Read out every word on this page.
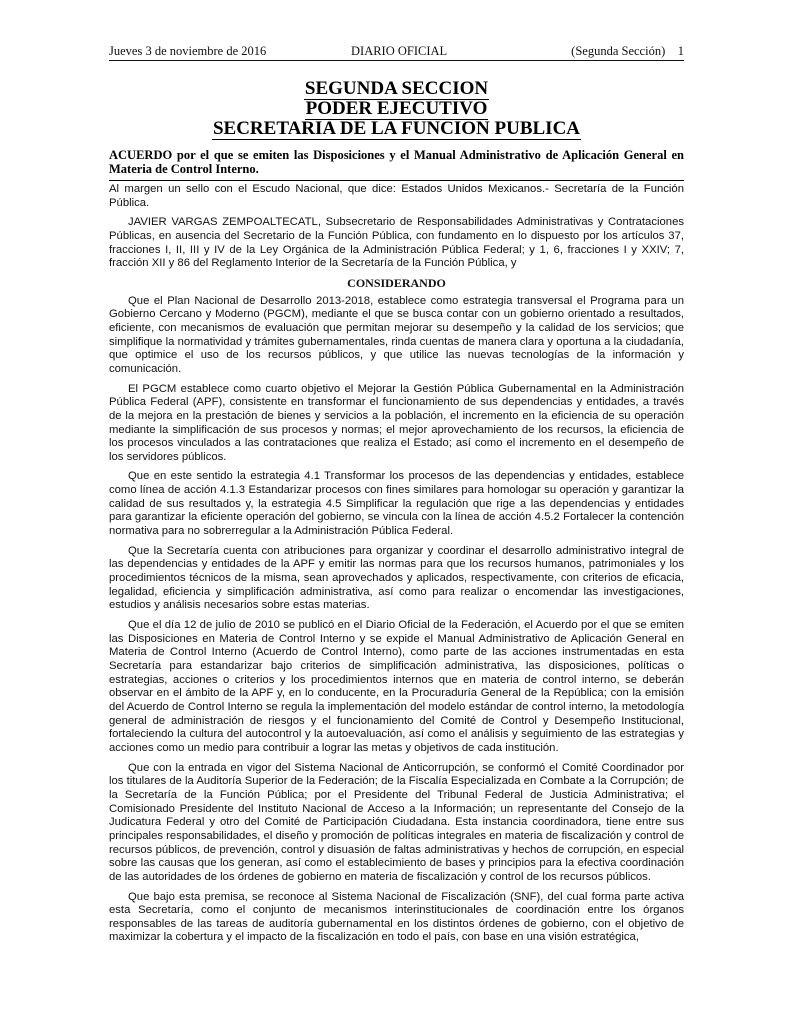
Jueves 3 de noviembre de 2016	DIARIO OFICIAL	(Segunda Sección) 1
SEGUNDA SECCION
PODER EJECUTIVO
SECRETARIA DE LA FUNCION PUBLICA
ACUERDO por el que se emiten las Disposiciones y el Manual Administrativo de Aplicación General en Materia de Control Interno.

Al margen un sello con el Escudo Nacional, que dice: Estados Unidos Mexicanos.- Secretaría de la Función Pública.

JAVIER VARGAS ZEMPOALTECATL, Subsecretario de Responsabilidades Administrativas y Contrataciones Públicas, en ausencia del Secretario de la Función Pública, con fundamento en lo dispuesto por los artículos 37, fracciones I, II, III y IV de la Ley Orgánica de la Administración Pública Federal; y 1, 6, fracciones I y XXIV; 7, fracción XII y 86 del Reglamento Interior de la Secretaría de la Función Pública, y

CONSIDERANDO

Que el Plan Nacional de Desarrollo 2013-2018, establece como estrategia transversal el Programa para un Gobierno Cercano y Moderno (PGCM), mediante el que se busca contar con un gobierno orientado a resultados, eficiente, con mecanismos de evaluación que permitan mejorar su desempeño y la calidad de los servicios; que simplifique la normatividad y trámites gubernamentales, rinda cuentas de manera clara y oportuna a la ciudadanía, que optimice el uso de los recursos públicos, y que utilice las nuevas tecnologías de la información y comunicación.

El PGCM establece como cuarto objetivo el Mejorar la Gestión Pública Gubernamental en la Administración Pública Federal (APF), consistente en transformar el funcionamiento de sus dependencias y entidades, a través de la mejora en la prestación de bienes y servicios a la población, el incremento en la eficiencia de su operación mediante la simplificación de sus procesos y normas; el mejor aprovechamiento de los recursos, la eficiencia de los procesos vinculados a las contrataciones que realiza el Estado; así como el incremento en el desempeño de los servidores públicos.

Que en este sentido la estrategia 4.1 Transformar los procesos de las dependencias y entidades, establece como línea de acción 4.1.3 Estandarizar procesos con fines similares para homologar su operación y garantizar la calidad de sus resultados y, la estrategia 4.5 Simplificar la regulación que rige a las dependencias y entidades para garantizar la eficiente operación del gobierno, se vincula con la línea de acción 4.5.2 Fortalecer la contención normativa para no sobrerregular a la Administración Pública Federal.

Que la Secretaría cuenta con atribuciones para organizar y coordinar el desarrollo administrativo integral de las dependencias y entidades de la APF y emitir las normas para que los recursos humanos, patrimoniales y los procedimientos técnicos de la misma, sean aprovechados y aplicados, respectivamente, con criterios de eficacia, legalidad, eficiencia y simplificación administrativa, así como para realizar o encomendar las investigaciones, estudios y análisis necesarios sobre estas materias.

Que el día 12 de julio de 2010 se publicó en el Diario Oficial de la Federación, el Acuerdo por el que se emiten las Disposiciones en Materia de Control Interno y se expide el Manual Administrativo de Aplicación General en Materia de Control Interno (Acuerdo de Control Interno), como parte de las acciones instrumentadas en esta Secretaría para estandarizar bajo criterios de simplificación administrativa, las disposiciones, políticas o estrategias, acciones o criterios y los procedimientos internos que en materia de control interno, se deberán observar en el ámbito de la APF y, en lo conducente, en la Procuraduría General de la República; con la emisión del Acuerdo de Control Interno se regula la implementación del modelo estándar de control interno, la metodología general de administración de riesgos y el funcionamiento del Comité de Control y Desempeño Institucional, fortaleciendo la cultura del autocontrol y la autoevaluación, así como el análisis y seguimiento de las estrategias y acciones como un medio para contribuir a lograr las metas y objetivos de cada institución.

Que con la entrada en vigor del Sistema Nacional de Anticorrupción, se conformó el Comité Coordinador por los titulares de la Auditoría Superior de la Federación; de la Fiscalía Especializada en Combate a la Corrupción; de la Secretaría de la Función Pública; por el Presidente del Tribunal Federal de Justicia Administrativa; el Comisionado Presidente del Instituto Nacional de Acceso a la Información; un representante del Consejo de la Judicatura Federal y otro del Comité de Participación Ciudadana. Esta instancia coordinadora, tiene entre sus principales responsabilidades, el diseño y promoción de políticas integrales en materia de fiscalización y control de recursos públicos, de prevención, control y disuasión de faltas administrativas y hechos de corrupción, en especial sobre las causas que los generan, así como el establecimiento de bases y principios para la efectiva coordinación de las autoridades de los órdenes de gobierno en materia de fiscalización y control de los recursos públicos.

Que bajo esta premisa, se reconoce al Sistema Nacional de Fiscalización (SNF), del cual forma parte activa esta Secretaría, como el conjunto de mecanismos interinstitucionales de coordinación entre los órganos responsables de las tareas de auditoría gubernamental en los distintos órdenes de gobierno, con el objetivo de maximizar la cobertura y el impacto de la fiscalización en todo el país, con base en una visión estratégica,
